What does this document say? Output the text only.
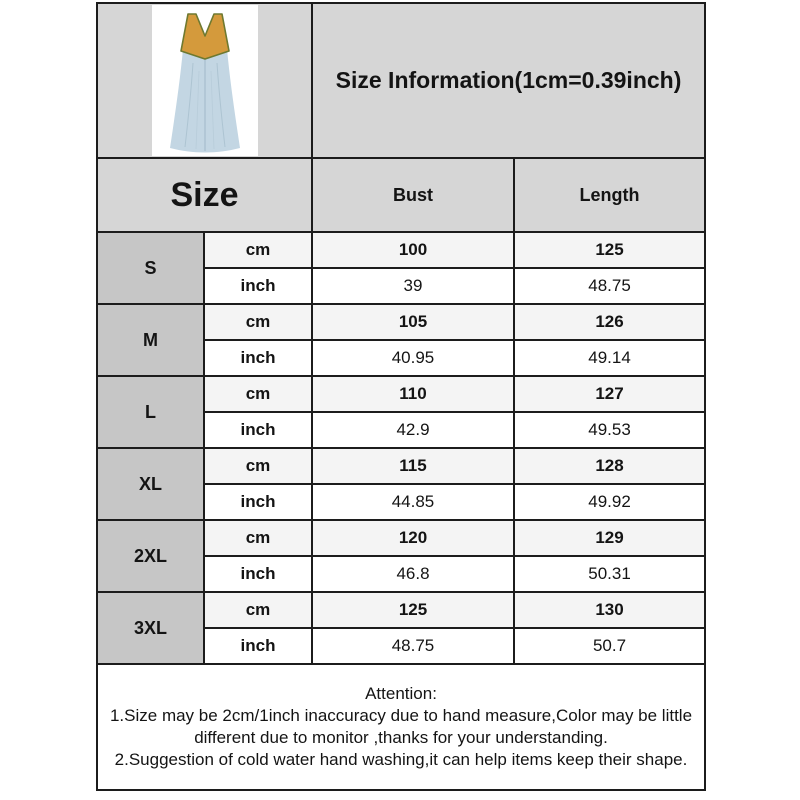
	Size Information(1cm=0.39inch)	
Size		Bust	Length
S	cm	100	125
	inch	39	48.75
M	cm	105	126
	inch	40.95	49.14
L	cm	110	127
	inch	42.9	49.53
XL	cm	115	128
	inch	44.85	49.92
2XL	cm	120	129
	inch	46.8	50.31
3XL	cm	125	130
	inch	48.75	50.7

Attention:

1.Size may be 2cm/1inch inaccuracy due to hand measure,Color may be little different due to monitor ,thanks for your understanding.

2.Suggestion of cold water hand washing,it can help items keep their shape.			
